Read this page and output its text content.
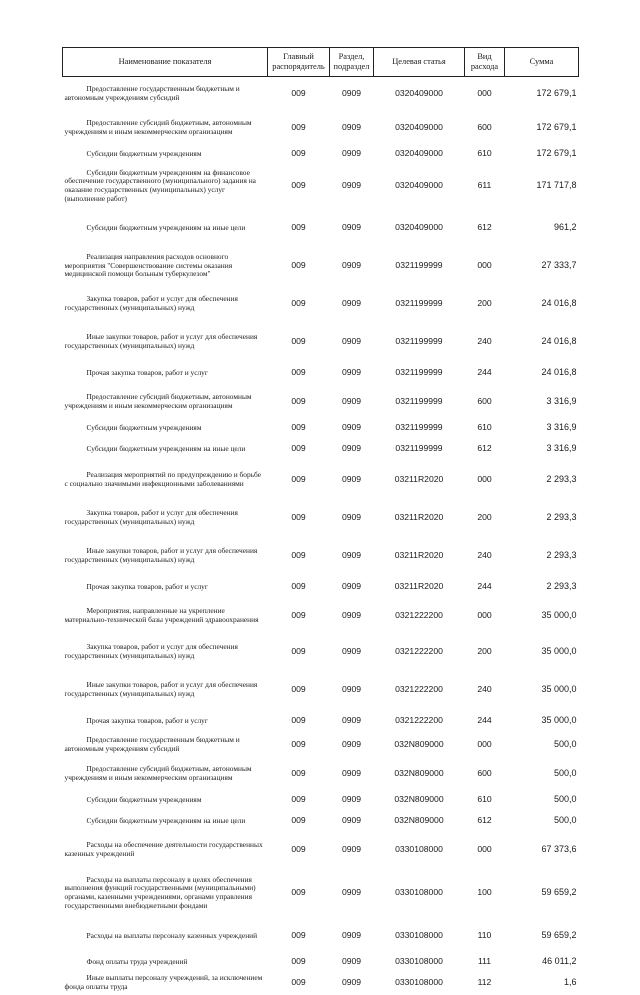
Наименование показателя	Главный распорядитель	Раздел, подраздел	Целевая статья	Вид расхода	Сумма
Предоставление государственным бюджетным и автономным учреждениям субсидий	009	0909	0320409000	000	172 679,1
Предоставление субсидий бюджетным, автономным учреждениям и иным некоммерческим организациям	009	0909	0320409000	600	172 679,1
Субсидии бюджетным учреждениям	009	0909	0320409000	610	172 679,1
Субсидии бюджетным учреждениям на финансовое обеспечение государственного (муниципального) задания на оказание государственных (муниципальных) услуг (выполнение работ)	009	0909	0320409000	611	171 717,8
Субсидии бюджетным учреждениям на иные цели	009	0909	0320409000	612	961,2
Реализация направления расходов основного мероприятия "Совершенствование системы оказания медицинской помощи больным туберкулезом"	009	0909	0321199999	000	27 333,7
Закупка товаров, работ и услуг для обеспечения государственных (муниципальных) нужд	009	0909	0321199999	200	24 016,8
Иные закупки товаров, работ и услуг для обеспечения государственных (муниципальных) нужд	009	0909	0321199999	240	24 016,8
Прочая закупка товаров, работ и услуг	009	0909	0321199999	244	24 016,8
Предоставление субсидий бюджетным, автономным учреждениям и иным некоммерческим организациям	009	0909	0321199999	600	3 316,9
Субсидии бюджетным учреждениям	009	0909	0321199999	610	3 316,9
Субсидии бюджетным учреждениям на иные цели	009	0909	0321199999	612	3 316,9
Реализация мероприятий по предупреждению и борьбе с социально значимыми инфекционными заболеваниями	009	0909	03211R2020	000	2 293,3
Закупка товаров, работ и услуг для обеспечения государственных (муниципальных) нужд	009	0909	03211R2020	200	2 293,3
Иные закупки товаров, работ и услуг для обеспечения государственных (муниципальных) нужд	009	0909	03211R2020	240	2 293,3
Прочая закупка товаров, работ и услуг	009	0909	03211R2020	244	2 293,3
Мероприятия, направленные на укрепление материально-технической базы учреждений здравоохранения	009	0909	0321222200	000	35 000,0
Закупка товаров, работ и услуг для обеспечения государственных (муниципальных) нужд	009	0909	0321222200	200	35 000,0
Иные закупки товаров, работ и услуг для обеспечения государственных (муниципальных) нужд	009	0909	0321222200	240	35 000,0
Прочая закупка товаров, работ и услуг	009	0909	0321222200	244	35 000,0
Предоставление государственным бюджетным и автономным учреждениям субсидий	009	0909	032N809000	000	500,0
Предоставление субсидий бюджетным, автономным учреждениям и иным некоммерческим организациям	009	0909	032N809000	600	500,0
Субсидии бюджетным учреждениям	009	0909	032N809000	610	500,0
Субсидии бюджетным учреждениям на иные цели	009	0909	032N809000	612	500,0
Расходы на обеспечение деятельности государственных казенных учреждений	009	0909	0330108000	000	67 373,6
Расходы на выплаты персоналу в целях обеспечения выполнения функций государственными (муниципальными) органами, казенными учреждениями, органами управления государственными внебюджетными фондами	009	0909	0330108000	100	59 659,2
Расходы на выплаты персоналу казенных учреждений	009	0909	0330108000	110	59 659,2
Фонд оплаты труда учреждений	009	0909	0330108000	111	46 011,2
Иные выплаты персоналу учреждений, за исключением фонда оплаты труда	009	0909	0330108000	112	1,6
